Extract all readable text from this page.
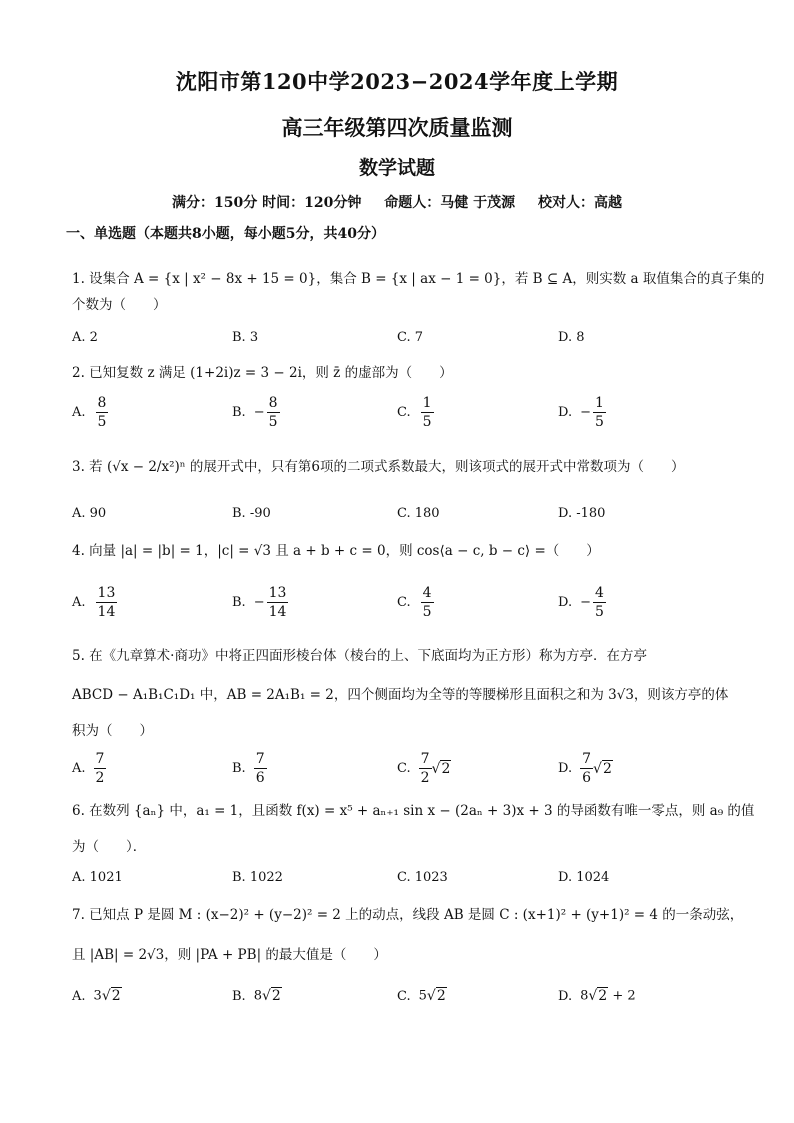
沈阳市第120中学2023−2024学年度上学期
高三年级第四次质量监测
数学试题
满分：150分 时间：120分钟 命题人：马健 于茂源 校对人：高越
一、单选题（本题共8小题，每小题5分，共40分）
1. 设集合 A = {x | x² − 8x + 15 = 0}，集合 B = {x | ax − 1 = 0}，若 B ⊆ A，则实数 a 取值集合的真子集的
个数为（　　）
A. 2	B. 3	C. 7	D. 8
2. 已知复数 z 满足 (1+2i)z = 3 − 2i，则 z̄ 的虚部为（　　）
A. $\frac{8}{5}$	B. − $\frac{8}{5}$	C. $\frac{1}{5}$	D. − $\frac{1}{5}$
3. 若 (√x − 2/x²)ⁿ 的展开式中，只有第6项的二项式系数最大，则该项式的展开式中常数项为（　　）
A. 90	B. -90	C. 180	D. -180
4. 向量 |a| = |b| = 1，|c| = √3 且 a + b + c = 0，则 cos⟨a − c, b − c⟩ =（　　）
A. $\frac{13}{14}$	B. − $\frac{13}{14}$	C. $\frac{4}{5}$	D. − $\frac{4}{5}$
5. 在《九章算术·商功》中将正四面形棱台体（棱台的上、下底面均为正方形）称为方亭．在方亭
ABCD − A₁B₁C₁D₁ 中，AB = 2A₁B₁ = 2，四个侧面均为全等的等腰梯形且面积之和为 3√3，则该方亭的体
积为（　　）
A. $\frac{7}{2}$	B. $\frac{7}{6}$	C. $\frac{7}{2} √2$	D. $\frac{7}{6} √2$
6. 在数列 {aₙ} 中，a₁ = 1，且函数 f(x) = x⁵ + aₙ₊₁ sin x − (2aₙ + 3)x + 3 的导函数有唯一零点，则 a₉ 的值
为（　　）．
A. 1021	B. 1022	C. 1023	D. 1024
7. 已知点 P 是圆 M : (x−2)² + (y−2)² = 2 上的动点，线段 AB 是圆 C : (x+1)² + (y+1)² = 4 的一条动弦，
且 |AB| = 2√3，则 |PA + PB| 的最大值是（　　）
A. 3√2	B. 8√2	C. 5√2	D. 8√2 + 2
